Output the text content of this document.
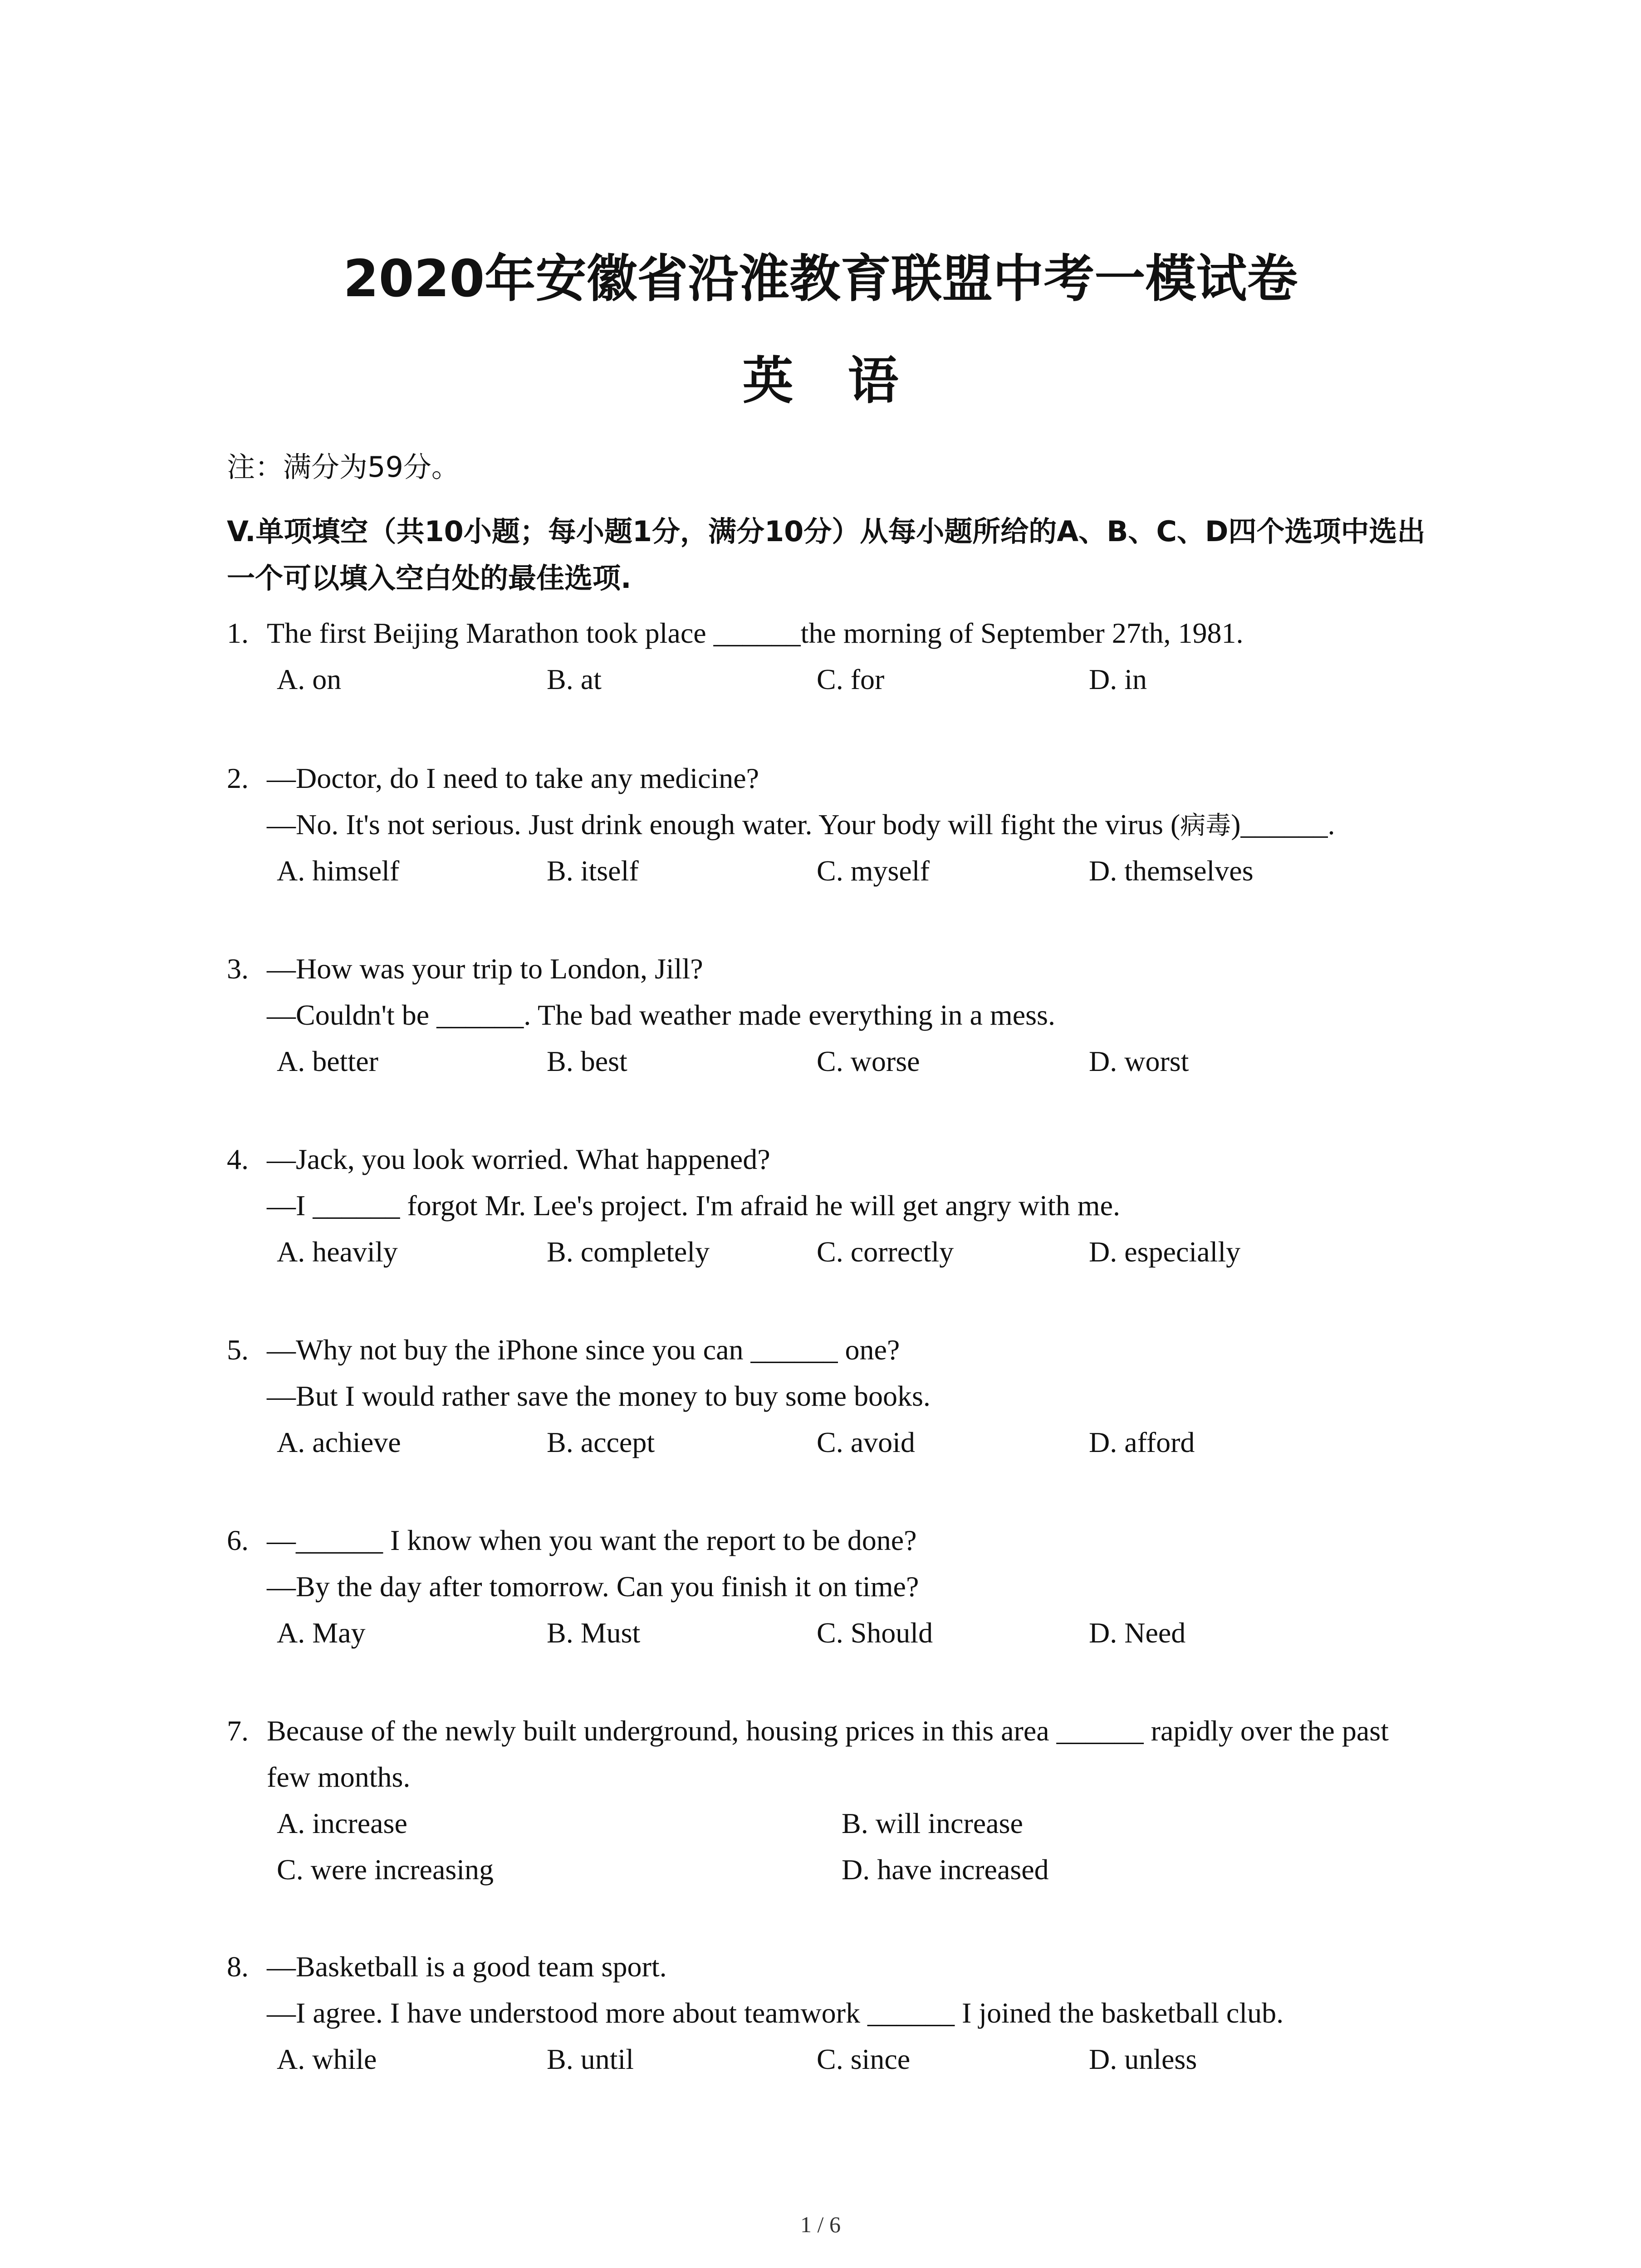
2020年安徽省沿淮教育联盟中考一模试卷
英语
注：满分为59分。
V.单项填空（共10小题；每小题1分，满分10分）从每小题所给的A、B、C、D四个选项中选出一个可以填入空白处的最佳选项.
1. The first Beijing Marathon took place ______the morning of September 27th, 1981.
A. on	B. at	C. for	D. in
2. —Doctor, do I need to take any medicine?
—No. It's not serious. Just drink enough water. Your body will fight the virus (病毒)______.
A. himself	B. itself	C. myself	D. themselves
3. —How was your trip to London, Jill?
—Couldn't be ______. The bad weather made everything in a mess.
A. better	B. best	C. worse	D. worst
4. —Jack, you look worried. What happened?
—I ______ forgot Mr. Lee's project. I'm afraid he will get angry with me.
A. heavily	B. completely	C. correctly	D. especially
5. —Why not buy the iPhone since you can ______ one?
—But I would rather save the money to buy some books.
A. achieve	B. accept	C. avoid	D. afford
6. —______ I know when you want the report to be done?
—By the day after tomorrow. Can you finish it on time?
A. May	B. Must	C. Should	D. Need
7. Because of the newly built underground, housing prices in this area ______ rapidly over the past
few months.
A. increase	B. will increase
C. were increasing	D. have increased
8. —Basketball is a good team sport.
—I agree. I have understood more about teamwork ______ I joined the basketball club.
A. while	B. until	C. since	D. unless
1 / 6
